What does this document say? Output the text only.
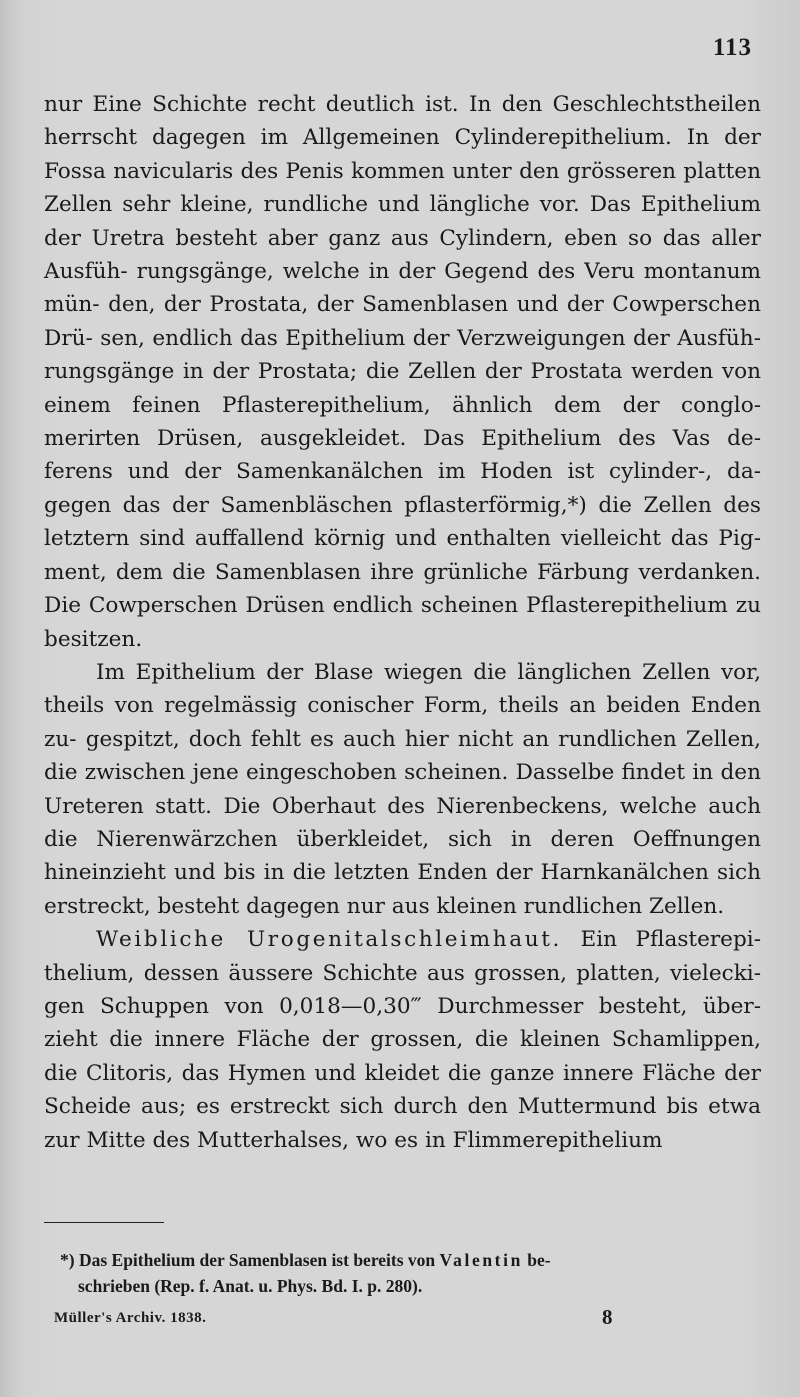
113

nur Eine Schichte recht deutlich ist. In den Geschlechtstheilen herrscht dagegen im Allgemeinen Cylinderepithelium. In der Fossa navicularis des Penis kommen unter den grösseren platten Zellen sehr kleine, rundliche und längliche vor. Das Epithelium der Uretra besteht aber ganz aus Cylindern, eben so das aller Ausfüh- rungsgänge, welche in der Gegend des Veru montanum mün- den, der Prostata, der Samenblasen und der Cowperschen Drü- sen, endlich das Epithelium der Verzweigungen der Ausfüh- rungsgänge in der Prostata; die Zellen der Prostata werden von einem feinen Pflasterepithelium, ähnlich dem der conglo- merirten Drüsen, ausgekleidet. Das Epithelium des Vas de- ferens und der Samenkanälchen im Hoden ist cylinder-, da- gegen das der Samenbläschen pflasterförmig,*) die Zellen des letztern sind auffallend körnig und enthalten vielleicht das Pig- ment, dem die Samenblasen ihre grünliche Färbung verdanken. Die Cowperschen Drüsen endlich scheinen Pflasterepithelium zu besitzen.

Im Epithelium der Blase wiegen die länglichen Zellen vor, theils von regelmässig conischer Form, theils an beiden Enden zu- gespitzt, doch fehlt es auch hier nicht an rundlichen Zellen, die zwischen jene eingeschoben scheinen. Dasselbe findet in den Ureteren statt. Die Oberhaut des Nierenbeckens, welche auch die Nierenwärzchen überkleidet, sich in deren Oeffnungen hineinzieht und bis in die letzten Enden der Harnkanälchen sich erstreckt, besteht dagegen nur aus kleinen rundlichen Zellen.

Weibliche Urogenitalschleimhaut. Ein Pflasterepi- thelium, dessen äussere Schichte aus grossen, platten, vielecki- gen Schuppen von 0,018—0,30‴ Durchmesser besteht, über- zieht die innere Fläche der grossen, die kleinen Schamlippen, die Clitoris, das Hymen und kleidet die ganze innere Fläche der Scheide aus; es erstreckt sich durch den Muttermund bis etwa zur Mitte des Mutterhalses, wo es in Flimmerepithelium

*) Das Epithelium der Samenblasen ist bereits von Valentin be-
schrieben (Rep. f. Anat. u. Phys. Bd. I. p. 280).
Müller's Archiv. 1838.	8
